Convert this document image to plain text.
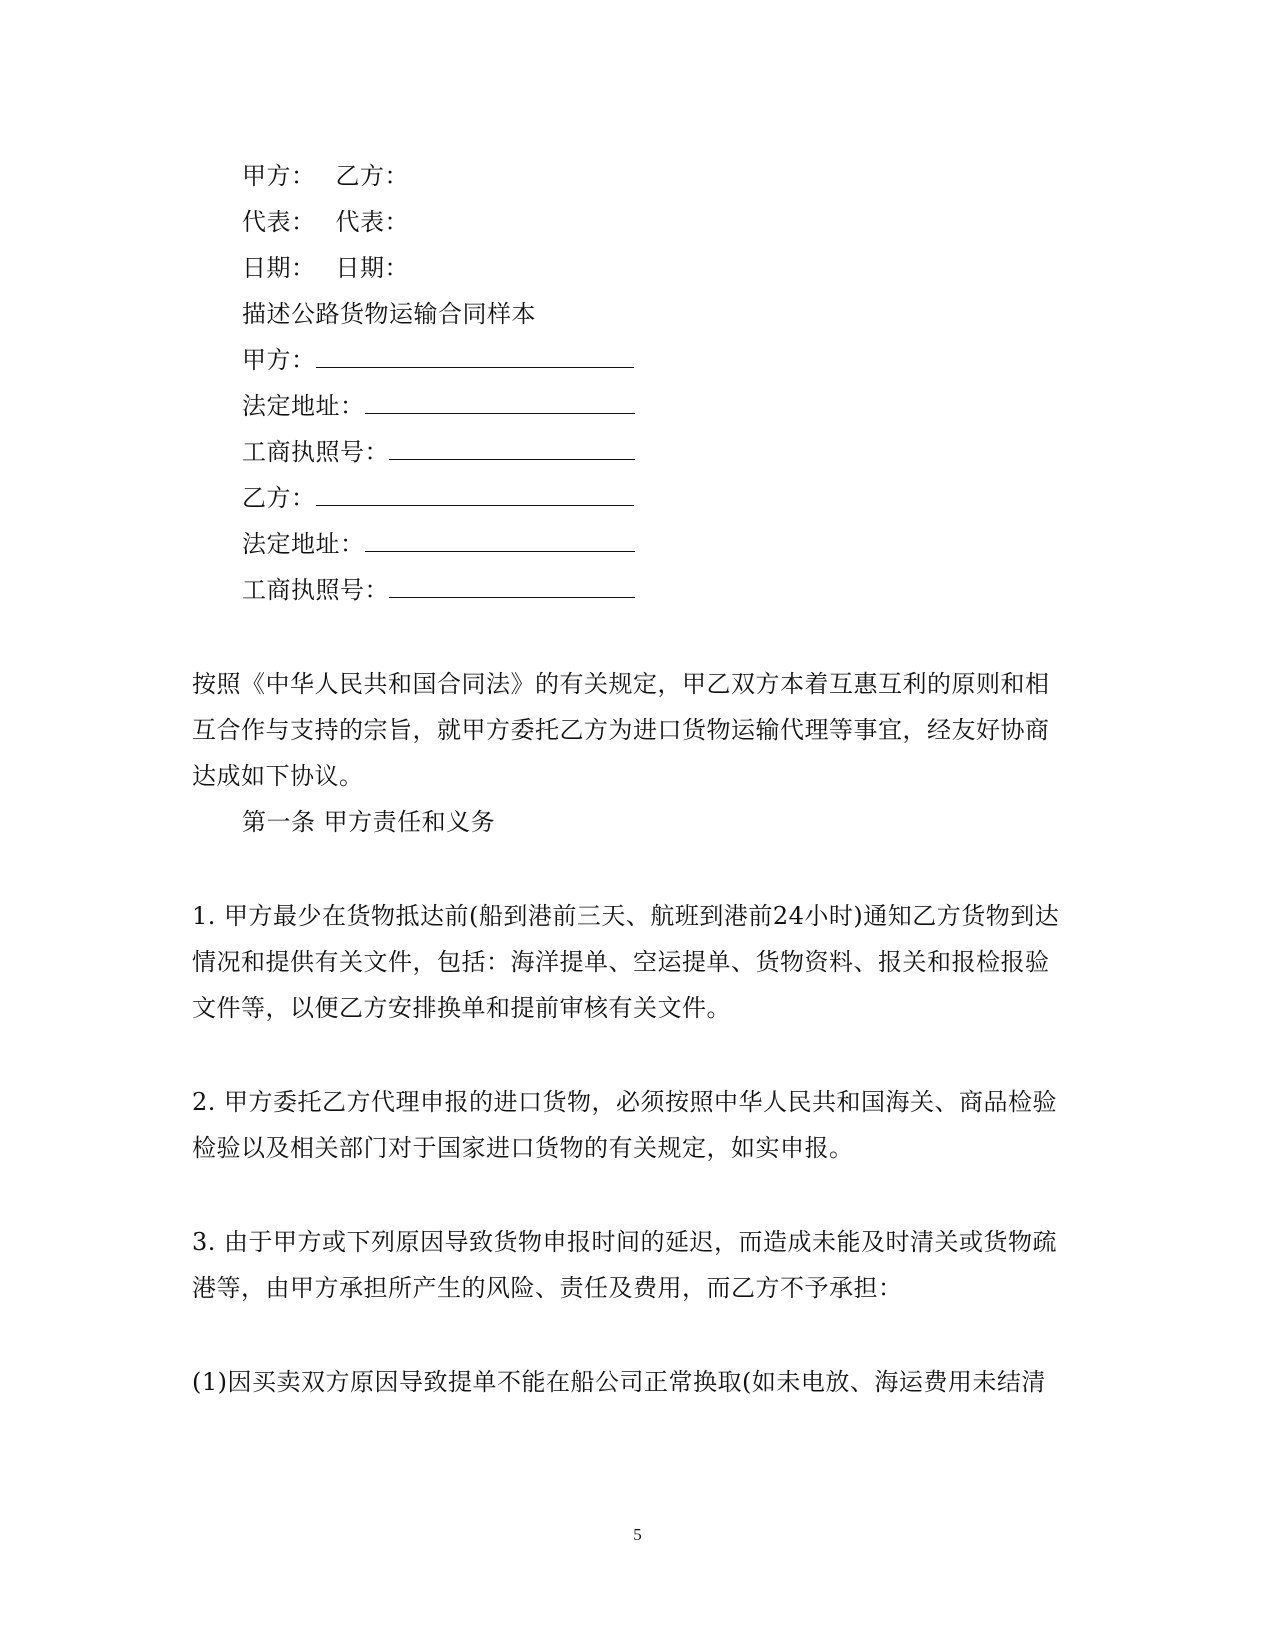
甲方： 乙方：
代表： 代表：
日期： 日期：
描述公路货物运输合同样本
甲方：
法定地址：
工商执照号：
乙方：
法定地址：
工商执照号：
按照《中华人民共和国合同法》的有关规定，甲乙双方本着互惠互利的原则和相
互合作与支持的宗旨，就甲方委托乙方为进口货物运输代理等事宜，经友好协商
达成如下协议。
第一条 甲方责任和义务
1. 甲方最少在货物抵达前(船到港前三天、航班到港前24小时)通知乙方货物到达
情况和提供有关文件，包括：海洋提单、空运提单、货物资料、报关和报检报验
文件等，以便乙方安排换单和提前审核有关文件。
2. 甲方委托乙方代理申报的进口货物，必须按照中华人民共和国海关、商品检验
检验以及相关部门对于国家进口货物的有关规定，如实申报。
3. 由于甲方或下列原因导致货物申报时间的延迟，而造成未能及时清关或货物疏
港等，由甲方承担所产生的风险、责任及费用，而乙方不予承担：
(1)因买卖双方原因导致提单不能在船公司正常换取(如未电放、海运费用未结清
5
